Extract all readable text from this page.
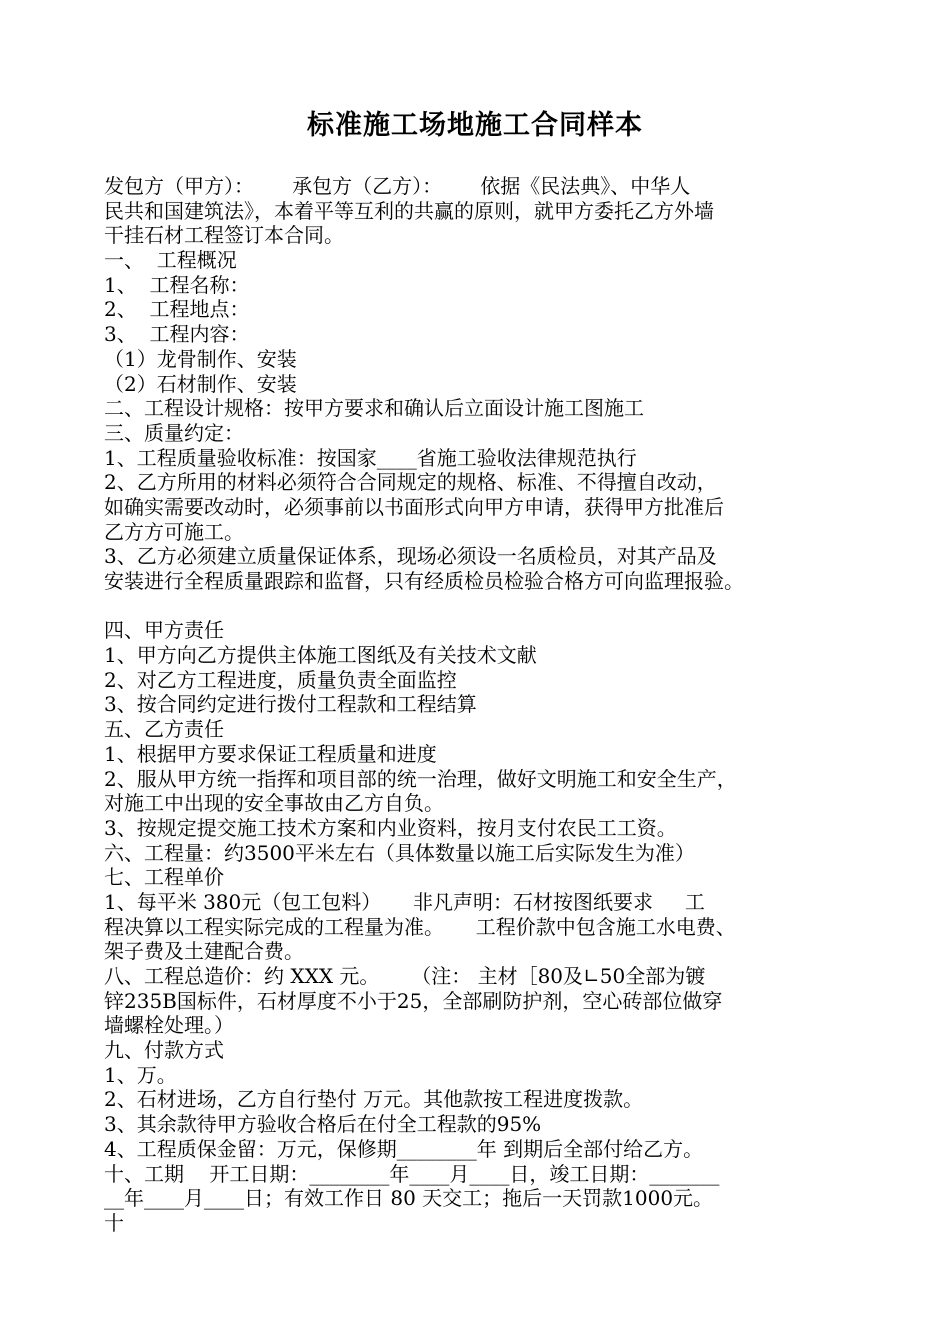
标准施工场地施工合同样本
发包方（甲方）：      承包方（乙方）：      依据《民法典》、中华人
民共和国建筑法》，本着平等互利的共赢的原则，就甲方委托乙方外墙
干挂石材工程签订本合同。
一、  工程概况
1、  工程名称：
2、  工程地点：
3、  工程内容：
（1）龙骨制作、安装
（2）石材制作、安装
二、工程设计规格：按甲方要求和确认后立面设计施工图施工
三、质量约定：
1、工程质量验收标准：按国家____省施工验收法律规范执行
2、乙方所用的材料必须符合合同规定的规格、标准、不得擅自改动，
如确实需要改动时，必须事前以书面形式向甲方申请，获得甲方批准后
乙方方可施工。
3、乙方必须建立质量保证体系，现场必须设一名质检员，对其产品及
安装进行全程质量跟踪和监督，只有经质检员检验合格方可向监理报验。
四、甲方责任
1、甲方向乙方提供主体施工图纸及有关技术文献
2、对乙方工程进度，质量负责全面监控
3、按合同约定进行拨付工程款和工程结算
五、乙方责任
1、根据甲方要求保证工程质量和进度
2、服从甲方统一指挥和项目部的统一治理，做好文明施工和安全生产，
对施工中出现的安全事故由乙方自负。
3、按规定提交施工技术方案和内业资料，按月支付农民工工资。
六、工程量：约3500平米左右（具体数量以施工后实际发生为准）
七、工程单价
1、每平米 380元（包工包料）     非凡声明：石材按图纸要求     工
程决算以工程实际完成的工程量为准。     工程价款中包含施工水电费、
架子费及土建配合费。
八、工程总造价：约 XXX 元。     （注： 主材［80及∟50全部为镀
锌235B国标件，石材厚度不小于25，全部刷防护剂，空心砖部位做穿
墙螺栓处理。）
九、付款方式
1、万。
2、石材进场，乙方自行垫付 万元。其他款按工程进度拨款。
3、其余款待甲方验收合格后在付全工程款的95%
4、工程质保金留：万元，保修期________年 到期后全部付给乙方。
十、工期    开工日期：________年____月____日，竣工日期：_______
__年____月____日；有效工作日 80 天交工；拖后一天罚款1000元。
十
